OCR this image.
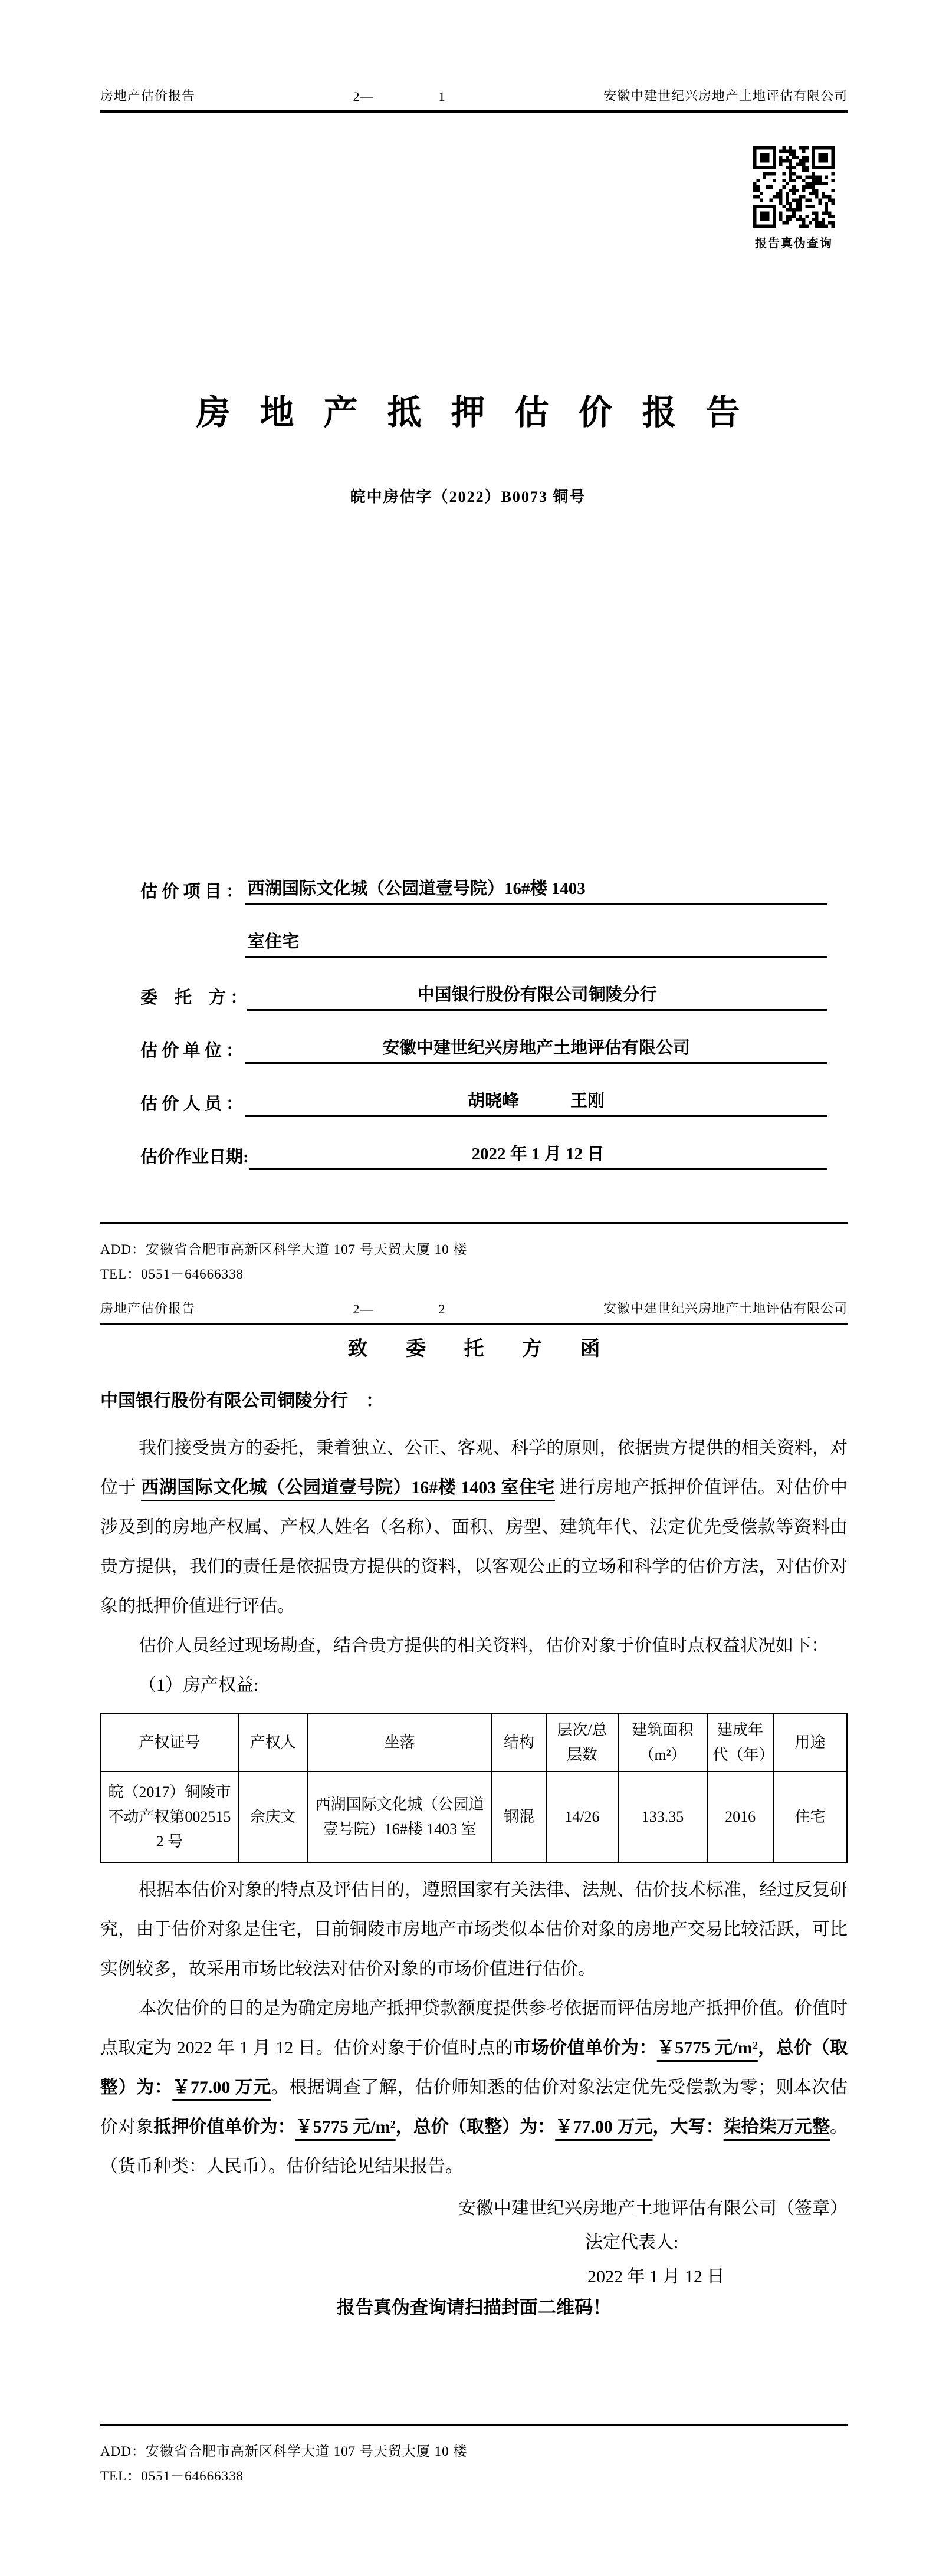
房地产估价报告	2—	1	安徽中建世纪兴房地产土地评估有限公司
报告真伪查询
房地产抵押估价报告
皖中房估字（2022）B0073 铜号
估 价 项 目 ： 西湖国际文化城（公园道壹号院）16#楼 1403
室住宅
委　托　方 ：	中国银行股份有限公司铜陵分行
估 价 单 位 ：	安徽中建世纪兴房地产土地评估有限公司
估 价 人 员 ：	胡晓峰　　　王刚
估价作业日期:	2022 年 1 月 12 日
ADD：安徽省合肥市高新区科学大道 107 号天贸大厦 10 楼
TEL：0551－64666338
房地产估价报告	2—	2	安徽中建世纪兴房地产土地评估有限公司
致 委 托 方 函
中国银行股份有限公司铜陵分行　：

我们接受贵方的委托，秉着独立、公正、客观、科学的原则，依据贵方提供的相关资料，对位于 西湖国际文化城（公园道壹号院）16#楼 1403 室住宅 进行房地产抵押价值评估。对估价中涉及到的房地产权属、产权人姓名（名称）、面积、房型、建筑年代、法定优先受偿款等资料由贵方提供，我们的责任是依据贵方提供的资料，以客观公正的立场和科学的估价方法，对估价对象的抵押价值进行评估。

估价人员经过现场勘查，结合贵方提供的相关资料，估价对象于价值时点权益状况如下：

（1）房产权益:

产权证号	产权人	坐落	结构	层次/总层数	建筑面积（m²）	建成年代（年）	用途
皖（2017）铜陵市不动产权第0025152 号	佘庆文	西湖国际文化城（公园道壹号院）16#楼 1403 室	钢混	14/26	133.35	2016	住宅

根据本估价对象的特点及评估目的，遵照国家有关法律、法规、估价技术标准，经过反复研究，由于估价对象是住宅，目前铜陵市房地产市场类似本估价对象的房地产交易比较活跃，可比实例较多，故采用市场比较法对估价对象的市场价值进行估价。

本次估价的目的是为确定房地产抵押贷款额度提供参考依据而评估房地产抵押价值。价值时点取定为 2022 年 1 月 12 日。估价对象于价值时点的市场价值单价为：￥5775 元/m²，总价（取整）为：￥77.00 万元。根据调查了解，估价师知悉的估价对象法定优先受偿款为零；则本次估价对象抵押价值单价为：￥5775 元/m²，总价（取整）为：￥77.00 万元，大写：柒拾柒万元整。（货币种类：人民币）。估价结论见结果报告。

安徽中建世纪兴房地产土地评估有限公司（签章）
法定代表人:
2022 年 1 月 12 日
报告真伪查询请扫描封面二维码！
ADD：安徽省合肥市高新区科学大道 107 号天贸大厦 10 楼
TEL：0551－64666338
